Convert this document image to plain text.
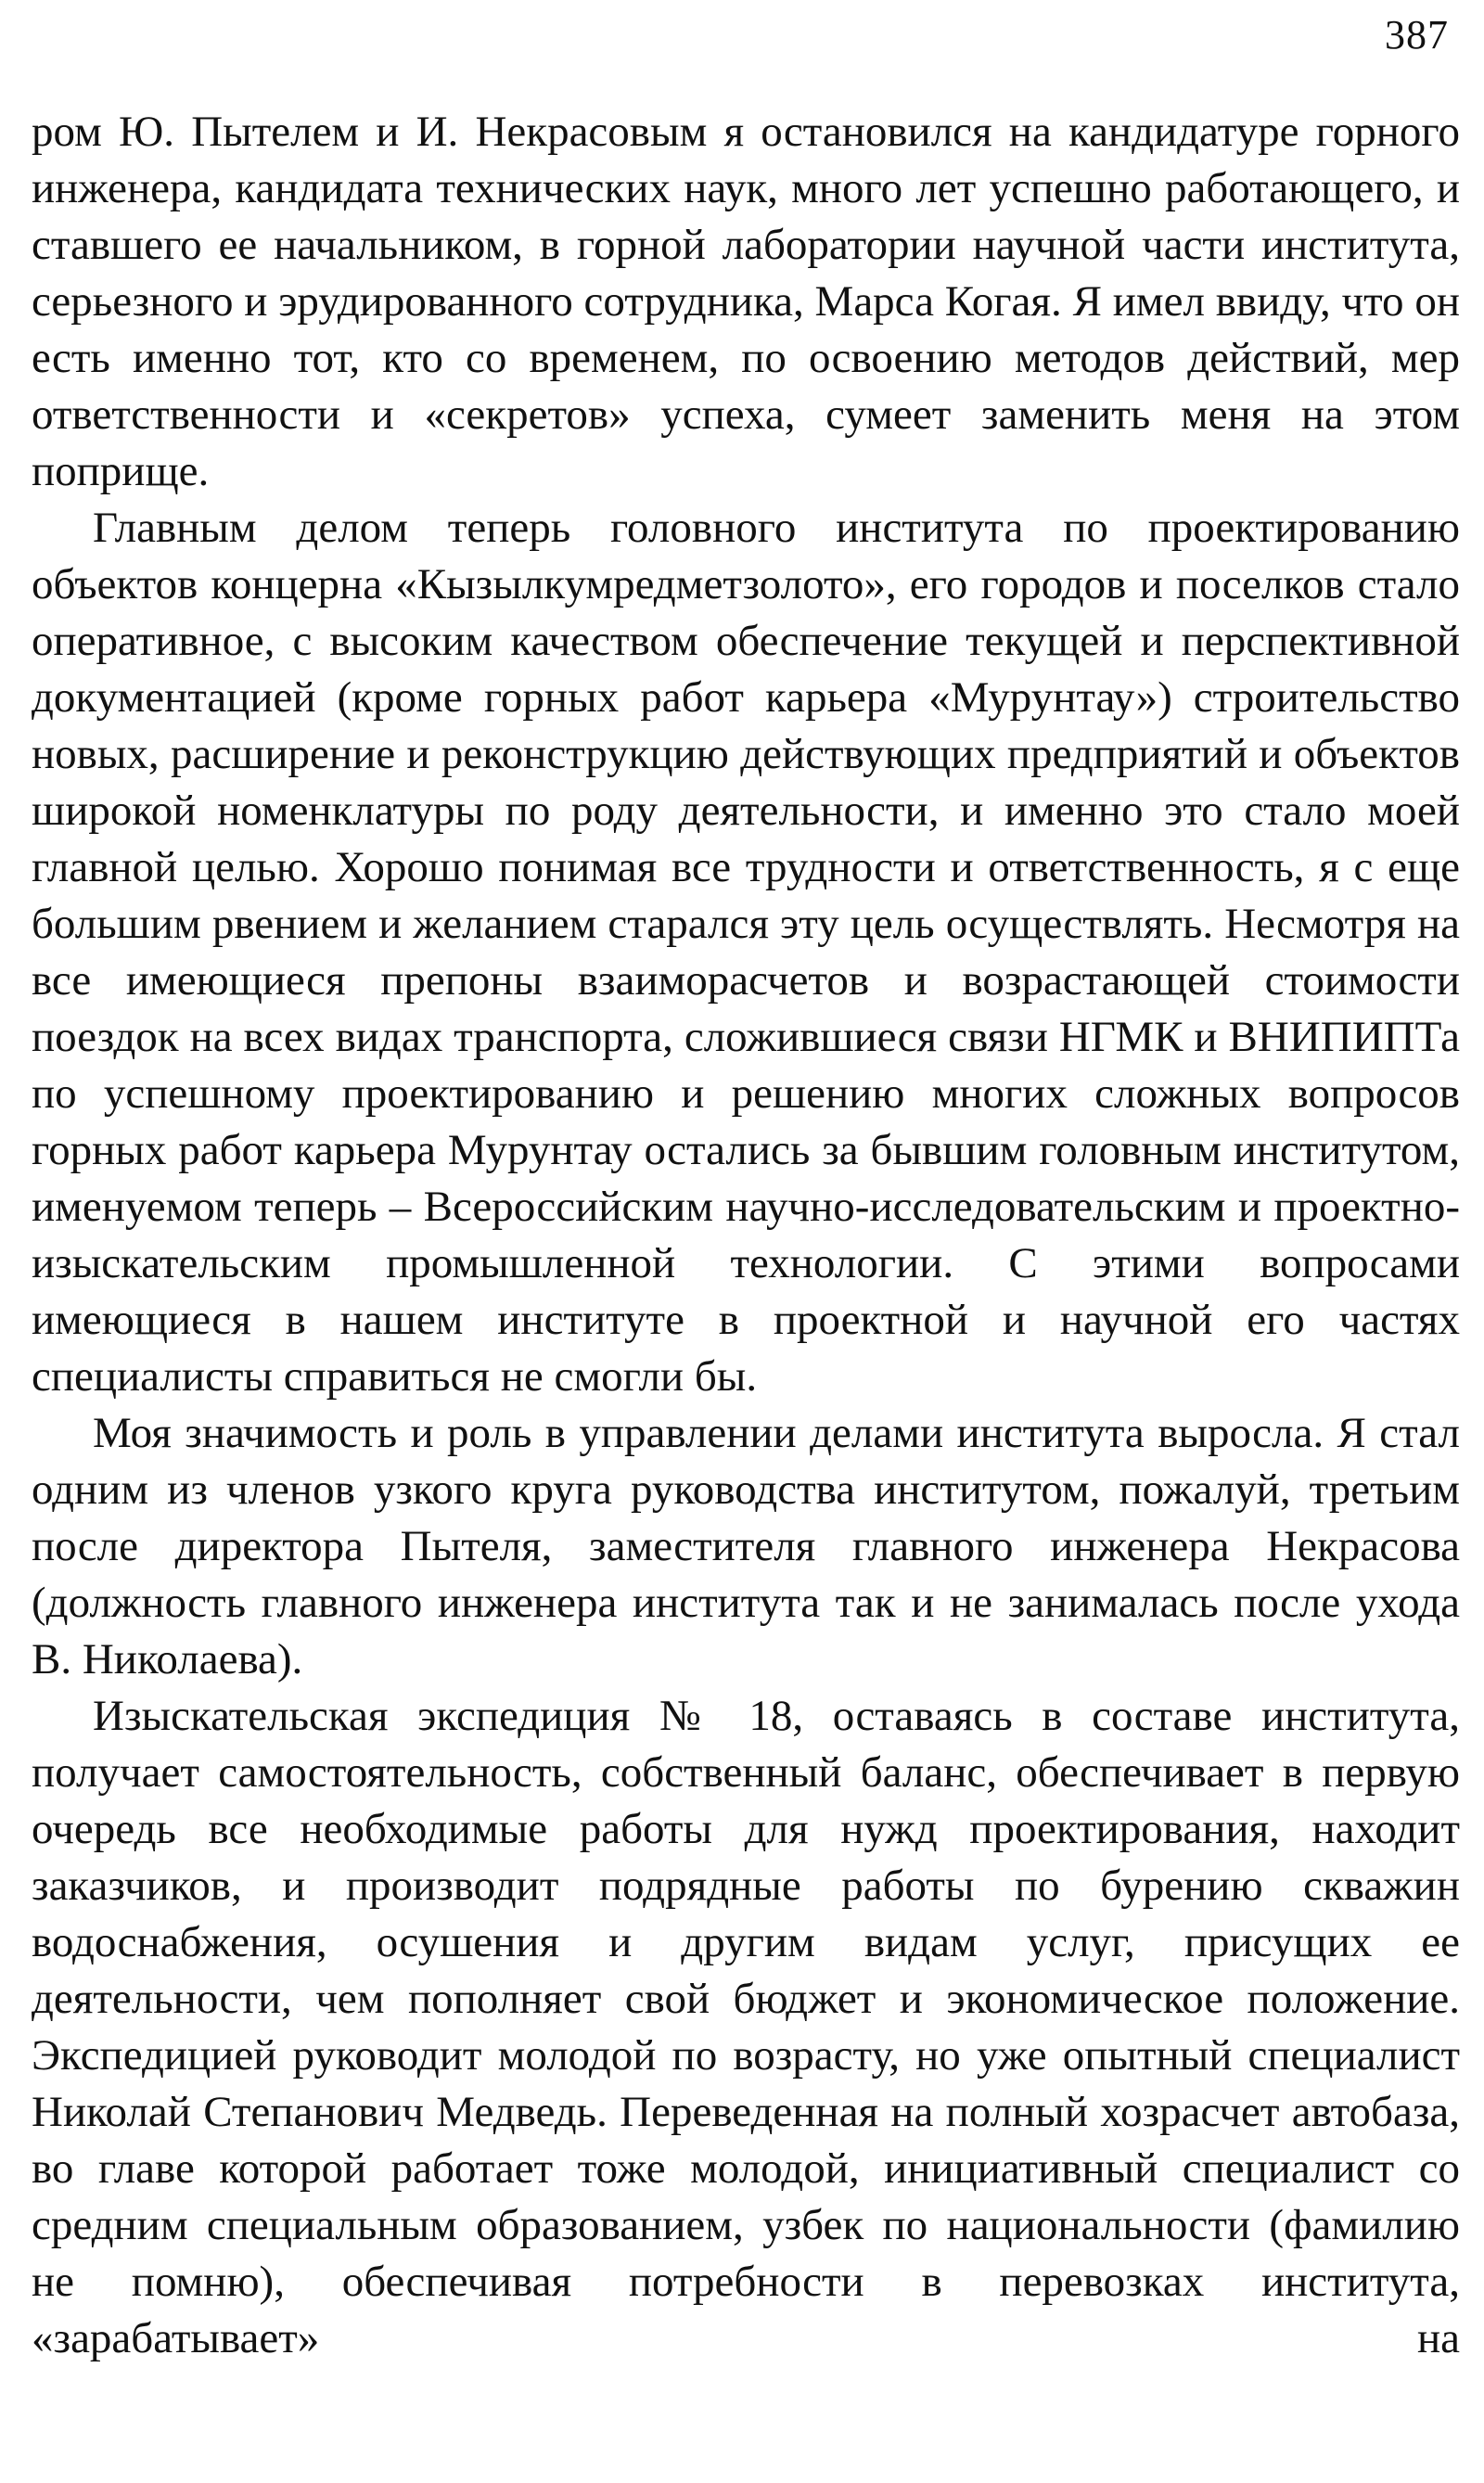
387

ром Ю. Пытелем и И. Некрасовым я остановился на кандидатуре горного инженера, кандидата технических наук, много лет успешно работающего, и ставшего ее начальником, в горной лаборатории научной части института, серьезного и эрудированного сотрудника, Марса Когая. Я имел ввиду, что он есть именно тот, кто со временем, по освоению методов действий, мер ответственности и «секретов» успеха, сумеет заменить меня на этом поприще.

Главным делом теперь головного института по проектированию объектов концерна «Кызылкумредметзолото», его городов и поселков стало оперативное, с высоким качеством обеспечение текущей и перспективной документацией (кроме горных работ карьера «Мурунтау») строительство новых, расширение и реконструкцию действующих предприятий и объектов широкой номенклатуры по роду деятельности, и именно это стало моей главной целью. Хорошо понимая все трудности и ответственность, я с еще большим рвением и желанием старался эту цель осуществлять. Несмотря на все имеющиеся препоны взаиморасчетов и возрастающей стоимости поездок на всех видах транспорта, сложившиеся связи НГМК и ВНИПИПТа по успешному проектированию и решению многих сложных вопросов горных работ карьера Мурунтау остались за бывшим головным институтом, именуемом теперь – Всероссийским научно-исследовательским и проектно-изыскательским промышленной технологии. С этими вопросами имеющиеся в нашем институте в проектной и научной его частях специалисты справиться не смогли бы.

Моя значимость и роль в управлении делами института выросла. Я стал одним из членов узкого круга руководства институтом, пожалуй, третьим после директора Пытеля, заместителя главного инженера Некрасова (должность главного инженера института так и не занималась после ухода В. Николаева).

Изыскательская экспедиция № 18, оставаясь в составе института, получает самостоятельность, собственный баланс, обеспечивает в первую очередь все необходимые работы для нужд проектирования, находит заказчиков, и производит подрядные работы по бурению скважин водоснабжения, осушения и другим видам услуг, присущих ее деятельности, чем пополняет свой бюджет и экономическое положение. Экспедицией руководит молодой по возрасту, но уже опытный специалист Николай Степанович Медведь. Переведенная на полный хозрасчет автобаза, во главе которой работает тоже молодой, инициативный специалист со средним специальным образованием, узбек по национальности (фамилию не помню), обеспечивая потребности в перевозках института, «зарабатывает» на
